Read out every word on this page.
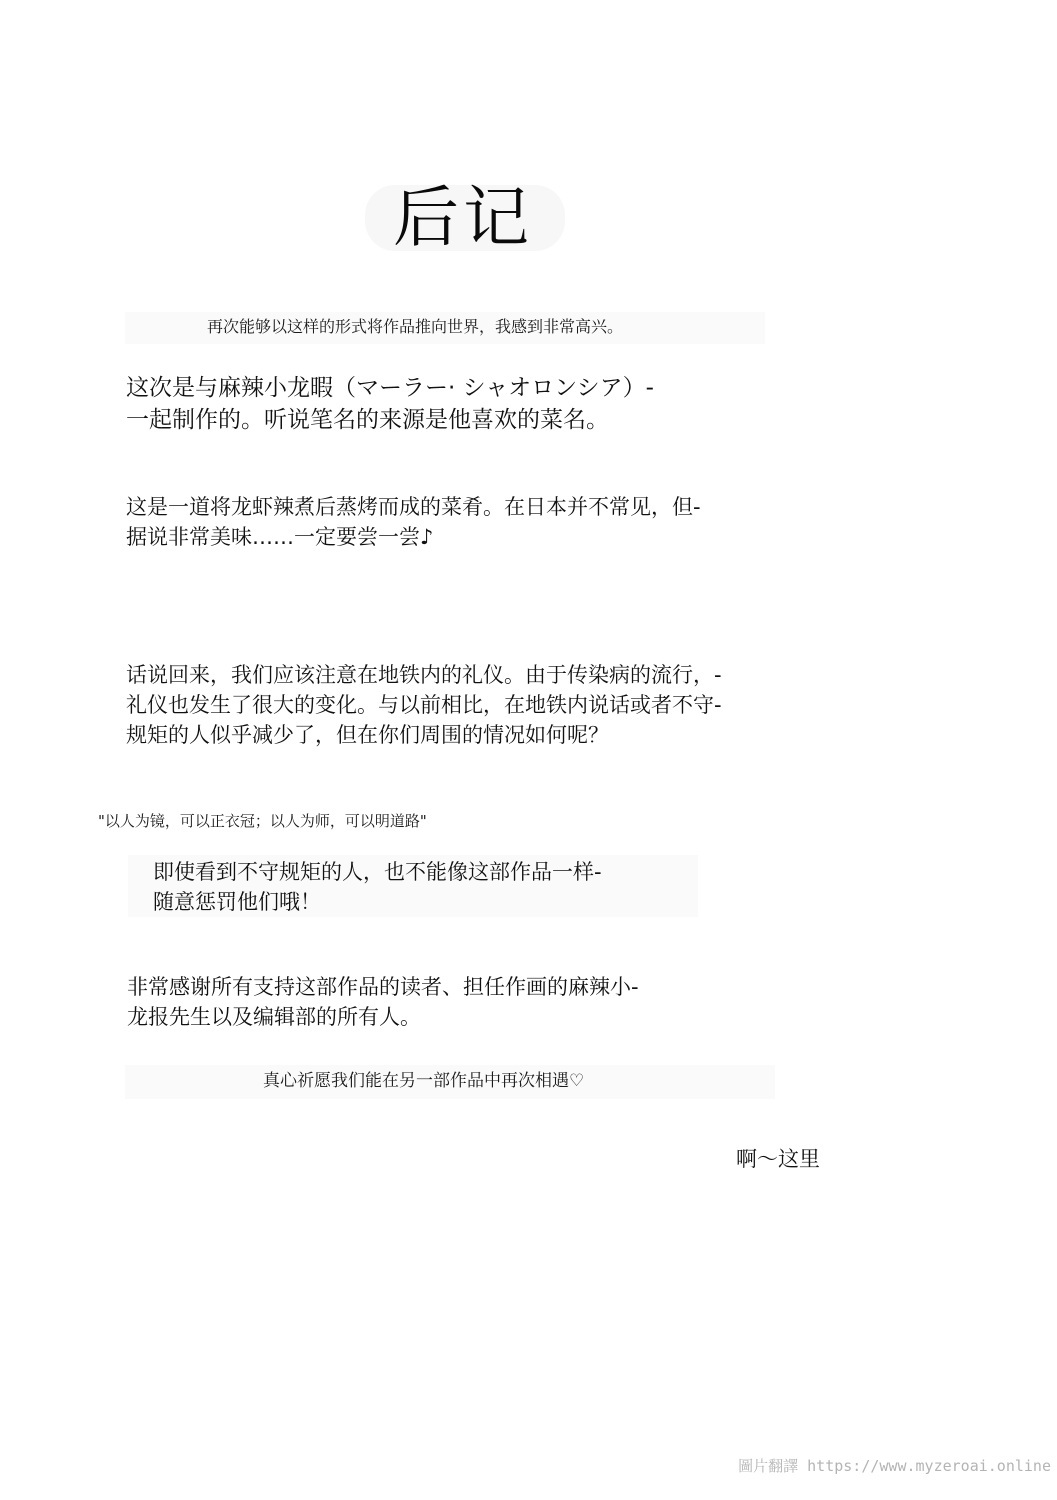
后记
再次能够以这样的形式将作品推向世界，我感到非常高兴。
这次是与麻辣小龙暇（マーラー· シャオロンシア）-
一起制作的。听说笔名的来源是他喜欢的菜名。
这是一道将龙虾辣煮后蒸烤而成的菜肴。在日本并不常见，但-
据说非常美味……一定要尝一尝♪
话说回来，我们应该注意在地铁内的礼仪。由于传染病的流行，-
礼仪也发生了很大的变化。与以前相比，在地铁内说话或者不守-
规矩的人似乎减少了，但在你们周围的情况如何呢？
"以人为镜，可以正衣冠；以人为师，可以明道路"
即使看到不守规矩的人，也不能像这部作品一样-
随意惩罚他们哦！
非常感谢所有支持这部作品的读者、担任作画的麻辣小-
龙报先生以及编辑部的所有人。
真心祈愿我们能在另一部作品中再次相遇♡
啊～这里
圖片翻譯 https://www.myzeroai.online
